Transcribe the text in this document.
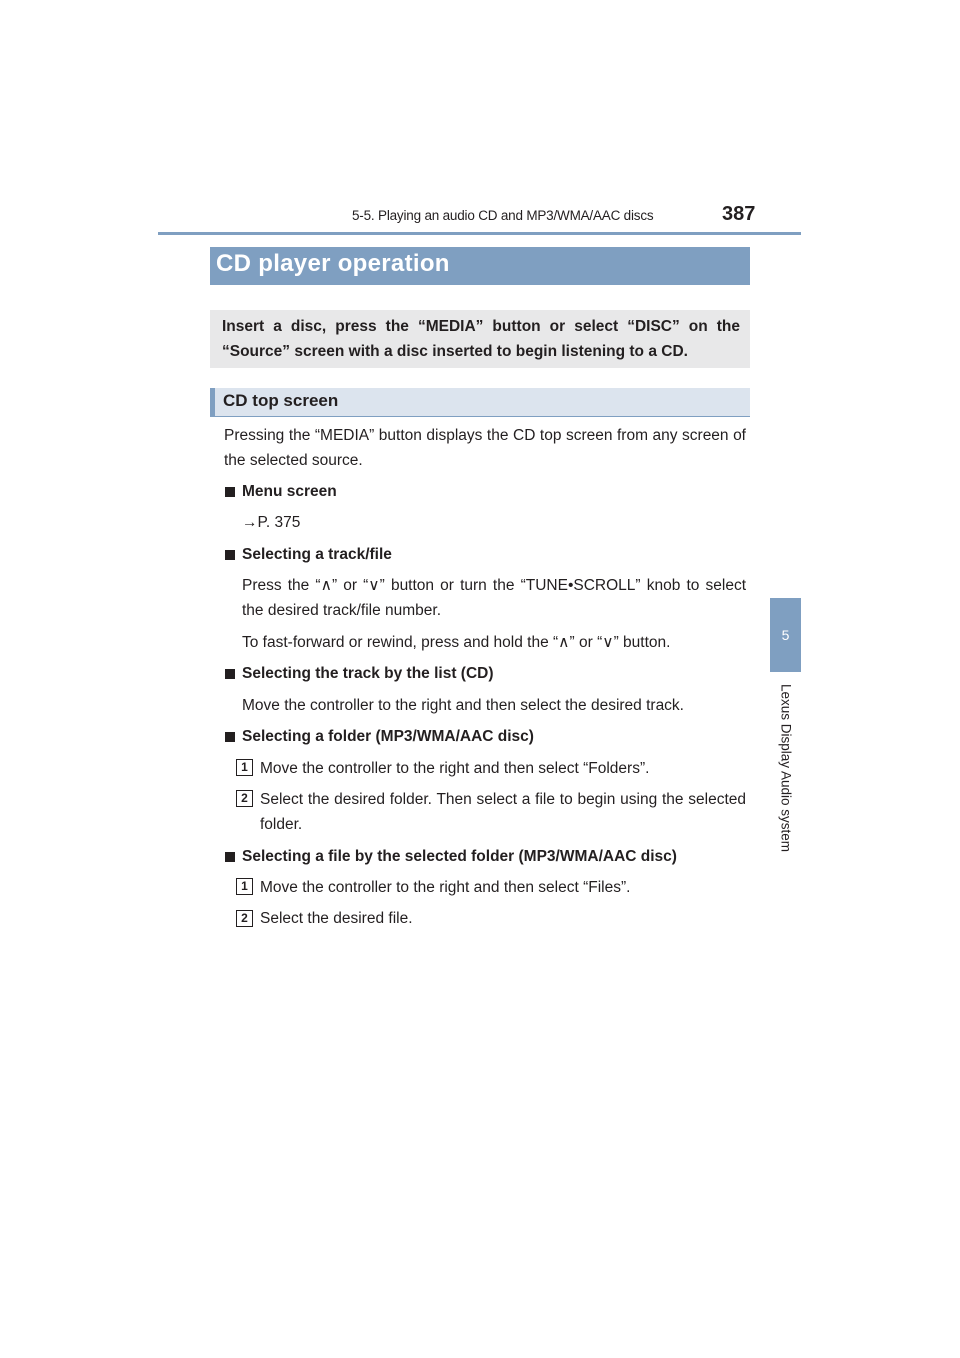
5-5. Playing an audio CD and MP3/WMA/AAC discs	387
5
Lexus Display Audio system
CD player operation
Insert a disc, press the “MEDIA” button or select “DISC” on the “Source” screen with a disc inserted to begin listening to a CD.
CD top screen
Pressing the “MEDIA” button displays the CD top screen from any screen of the selected source.
Menu screen
→P. 375
Selecting a track/file
Press the “∧” or “∨” button or turn the “TUNE•SCROLL” knob to select the desired track/file number.
To fast-forward or rewind, press and hold the “∧” or “∨” button.
Selecting the track by the list (CD)
Move the controller to the right and then select the desired track.
Selecting a folder (MP3/WMA/AAC disc)
1 Move the controller to the right and then select “Folders”.
2 Select the desired folder. Then select a file to begin using the selected folder.
Selecting a file by the selected folder (MP3/WMA/AAC disc)
1 Move the controller to the right and then select “Files”.
2 Select the desired file.
